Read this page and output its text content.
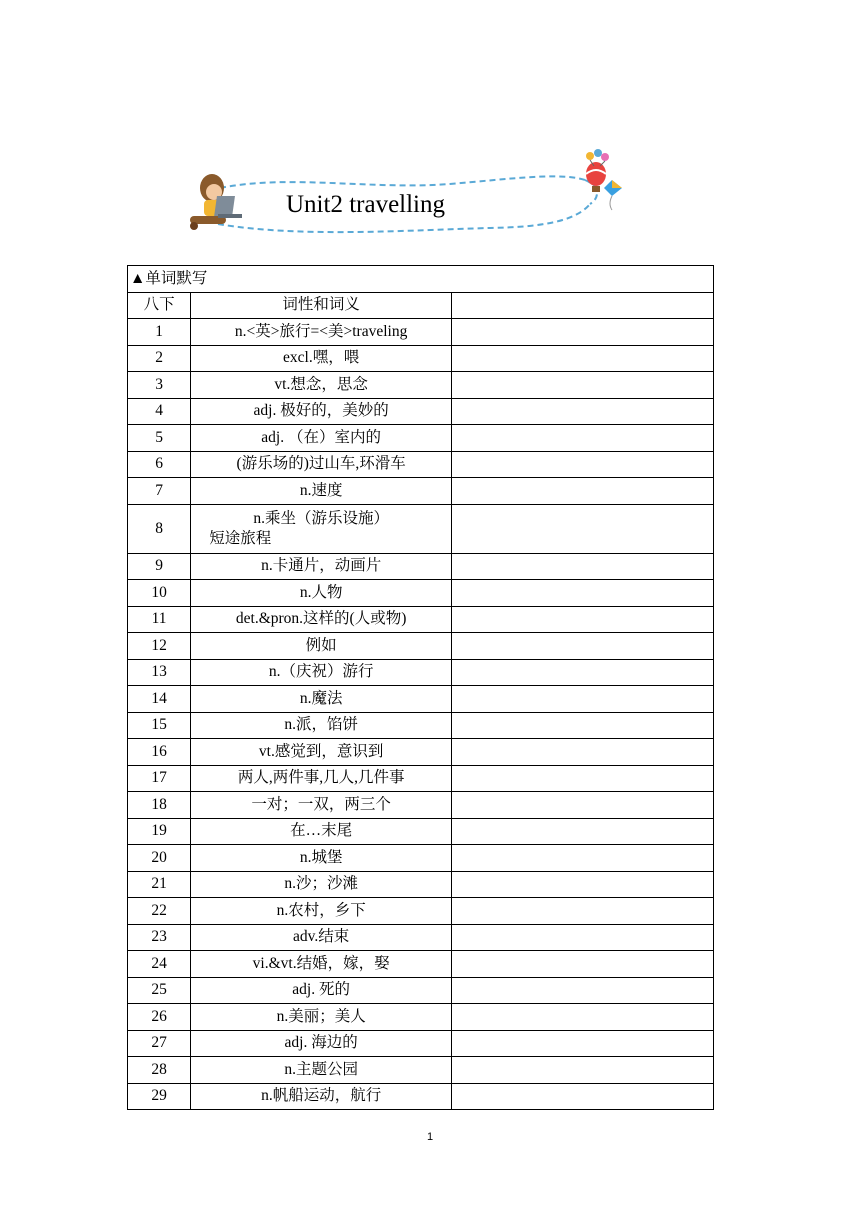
Unit2 travelling
▲单词默写		
八下	词性和词义	
1	n.<英>旅行=<美>traveling	
2	excl.嘿，喂	
3	vt.想念，思念	
4	adj. 极好的，美妙的	
5	adj. （在）室内的	
6	(游乐场的)过山车,环滑车	
7	n.速度	
8	n.乘坐（游乐设施）
短途旅程	

9	n.卡通片，动画片	
10	n.人物	
11	det.&pron.这样的(人或物)	
12	例如	
13	n.（庆祝）游行	
14	n.魔法	
15	n.派，馅饼	
16	vt.感觉到，意识到	
17	两人,两件事,几人,几件事	
18	一对；一双，两三个	
19	在…末尾	
20	n.城堡	
21	n.沙；沙滩	
22	n.农村，乡下	
23	adv.结束	
24	vi.&vt.结婚，嫁，娶	
25	adj. 死的	
26	n.美丽；美人	
27	adj. 海边的	
28	n.主题公园	
29	n.帆船运动，航行	
1
